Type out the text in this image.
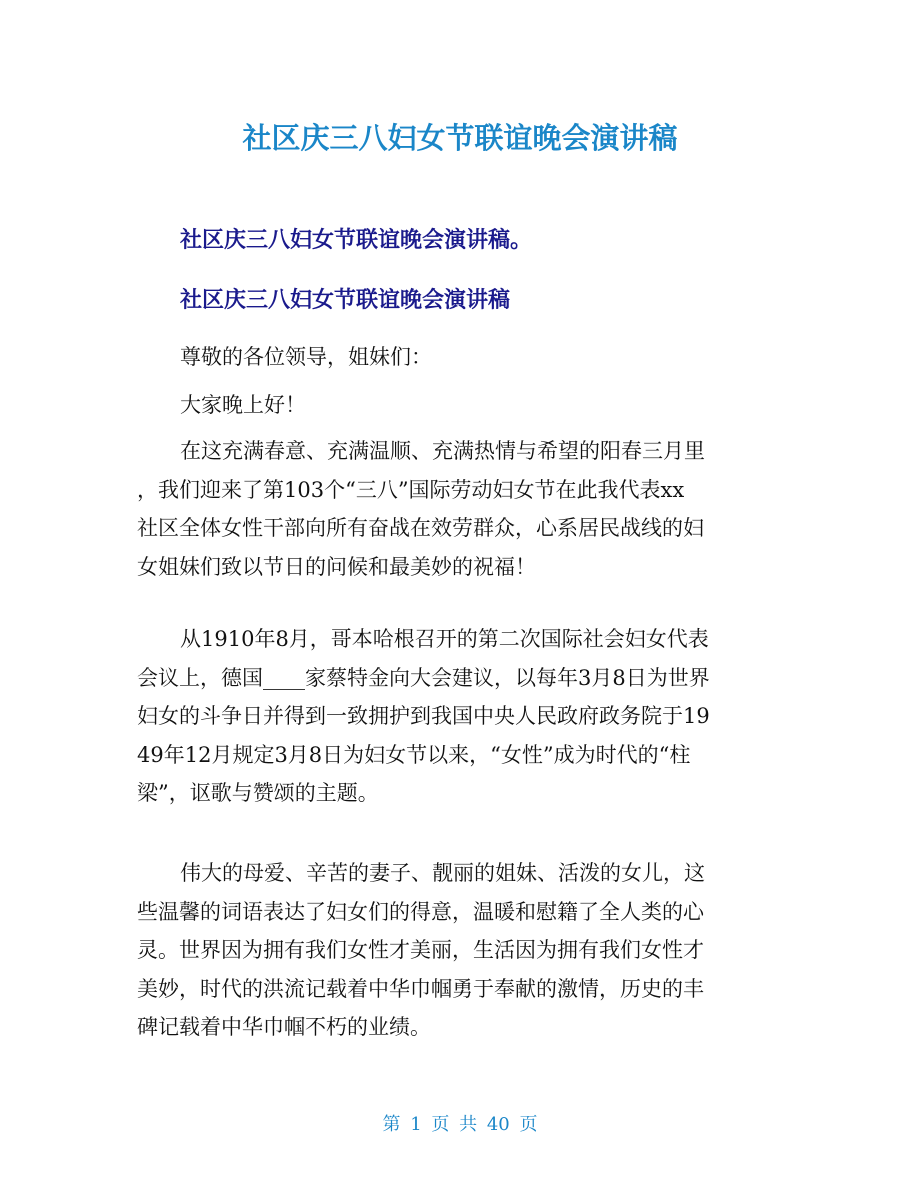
社区庆三八妇女节联谊晚会演讲稿
社区庆三八妇女节联谊晚会演讲稿。
社区庆三八妇女节联谊晚会演讲稿
尊敬的各位领导，姐妹们：
大家晚上好！
在这充满春意、充满温顺、充满热情与希望的阳春三月里
，我们迎来了第103个“三八”国际劳动妇女节在此我代表xx
社区全体女性干部向所有奋战在效劳群众，心系居民战线的妇
女姐妹们致以节日的问候和最美妙的祝福！
从1910年8月，哥本哈根召开的第二次国际社会妇女代表
会议上，德国____家蔡特金向大会建议，以每年3月8日为世界
妇女的斗争日并得到一致拥护到我国中央人民政府政务院于19
49年12月规定3月8日为妇女节以来，“女性”成为时代的“柱
梁”，讴歌与赞颂的主题。
伟大的母爱、辛苦的妻子、靓丽的姐妹、活泼的女儿，这
些温馨的词语表达了妇女们的得意，温暖和慰籍了全人类的心
灵。世界因为拥有我们女性才美丽，生活因为拥有我们女性才
美妙，时代的洪流记载着中华巾帼勇于奉献的激情，历史的丰
碑记载着中华巾帼不朽的业绩。
第 1 页 共 40 页
